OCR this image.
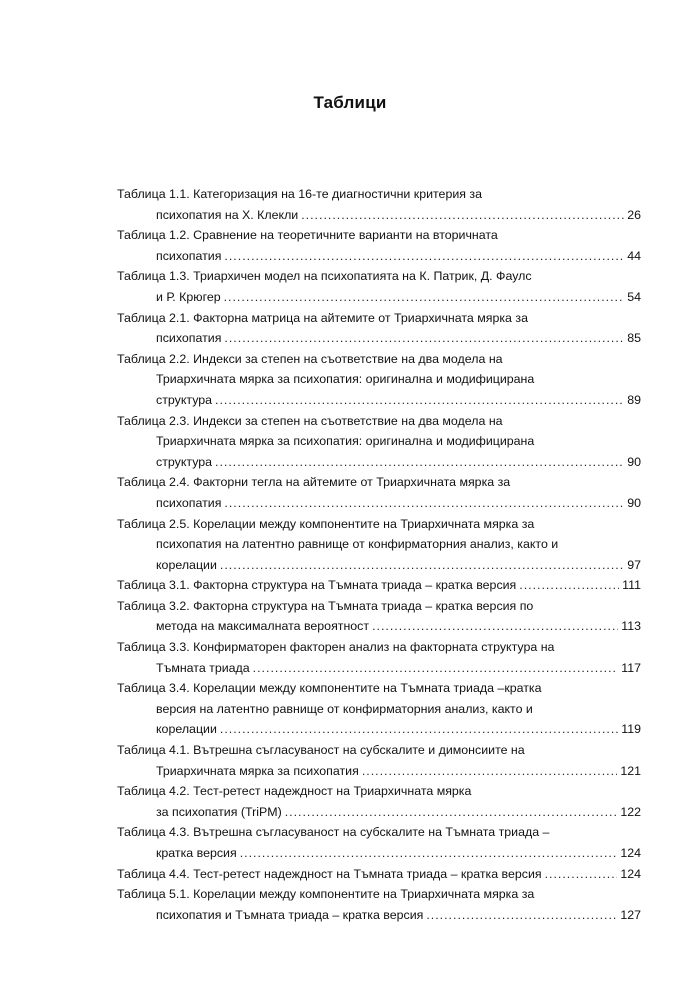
Таблици
Таблица 1.1. Категоризация на 16-те диагностични критерия за
психопатия на Х. Клекли .....	26
Таблица 1.2. Сравнение на теоретичните варианти на вторичната
психопатия .....	44
Таблица 1.3. Триархичен модел на психопатията на К. Патрик, Д. Фаулс
и Р. Крюгер .....	54
Таблица 2.1. Факторна матрица на айтемите от Триархичната мярка за
психопатия .....	85
Таблица 2.2. Индекси за степен на съответствие на два модела на
Триархичната мярка за психопатия: оригинална и модифицирана
структура .....	89
Таблица 2.3. Индекси за степен на съответствие на два модела на
Триархичната мярка за психопатия: оригинална и модифицирана
структура .....	90
Таблица 2.4. Факторни тегла на айтемите от Триархичната мярка за
психопатия .....	90
Таблица 2.5. Корелации между компонентите на Триархичната мярка за
психопатия на латентно равнище от конфирматорния анализ, както и
корелации .....	97
Таблица 3.1. Факторна структура на Тъмната триада – кратка версия .....	111
Таблица 3.2. Факторна структура на Тъмната триада – кратка версия по
метода на максималната вероятност .....	113
Таблица 3.3. Конфирматорен факторен анализ на факторната структура на
Тъмната триада .....	117
Таблица 3.4. Корелации между компонентите на Тъмната триада –кратка
версия на латентно равнище от конфирматорния анализ, както и
корелации .....	119
Таблица 4.1. Вътрешна съгласуваност на субскалите и димонсиите на
Триархичната мярка за психопатия .....	121
Таблица 4.2. Тест-ретест надеждност на Триархичната мярка
за психопатия (TriPM) .....	122
Таблица 4.3. Вътрешна съгласуваност на субскалите на Тъмната триада –
кратка версия .....	124
Таблица 4.4. Тест-ретест надеждност на Тъмната триада – кратка версия .....	124
Таблица 5.1. Корелации между компонентите на Триархичната мярка за
психопатия и Тъмната триада – кратка версия .....	127
